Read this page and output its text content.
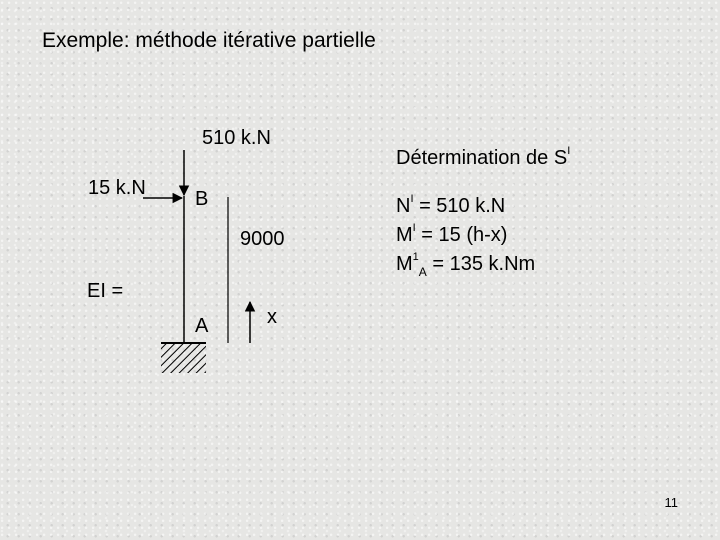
Exemple: méthode itérative partielle
510 k.N
15 k.N B
9000
EI =
A	x
Détermination de $S^I$
$N^I = 510$ k.N
$M^I = 15$ (h-x)
$M^1_A = 135$ k.Nm
11
